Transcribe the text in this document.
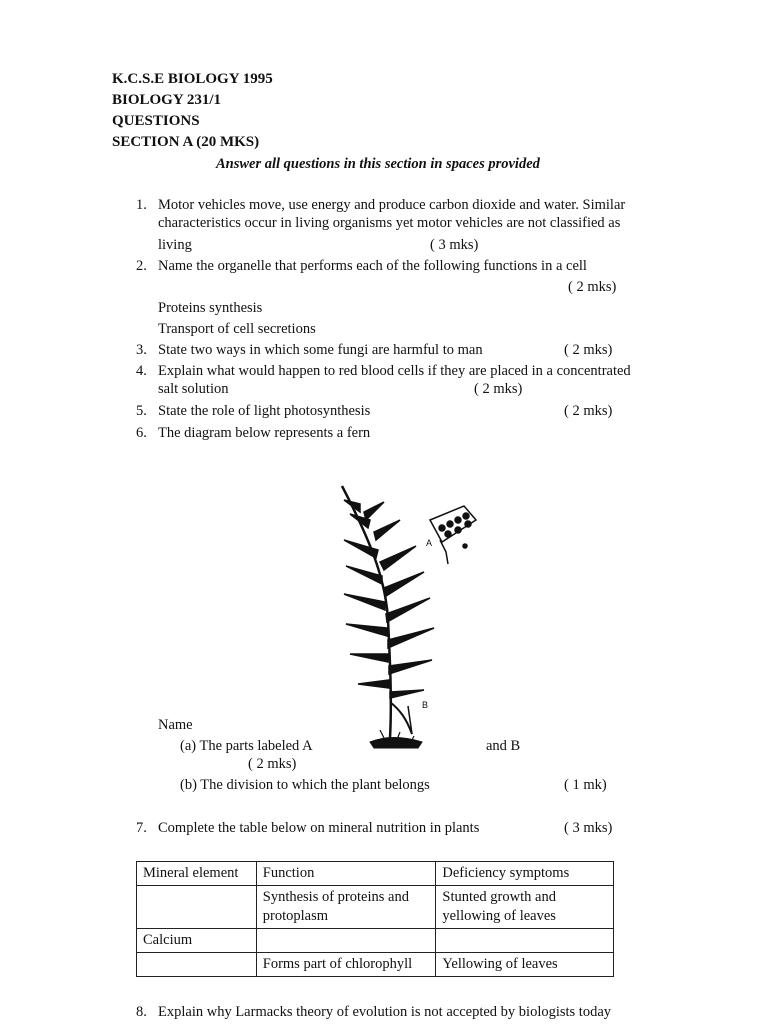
K.C.S.E BIOLOGY 1995
BIOLOGY 231/1
QUESTIONS
SECTION A (20 MKS)
Answer all questions in this section in spaces provided
1. Motor vehicles move, use energy and produce carbon dioxide and water. Similar
characteristics occur in living organisms yet motor vehicles are not classified as
living	( 3 mks)
2. Name the organelle that performs each of the following functions in a cell
( 2 mks)
Proteins synthesis
Transport of cell secretions
3. State two ways in which some fungi are harmful to man	( 2 mks)
4. Explain what would happen to red blood cells if they are placed in a concentrated
salt solution	( 2 mks)
5. State the role of light photosynthesis	( 2 mks)
6. The diagram below represents a fern
A
B
Name
(a) The parts labeled A	and B
( 2 mks)
(b) The division to which the plant belongs	( 1 mk)
7. Complete the table below on mineral nutrition in plants	( 3 mks)
Mineral element	Function	Deficiency symptoms
	Synthesis of proteins and protoplasm	Stunted growth and yellowing of leaves
Calcium		
	Forms part of chlorophyll	Yellowing of leaves
8. Explain why Larmacks theory of evolution is not accepted by biologists today
